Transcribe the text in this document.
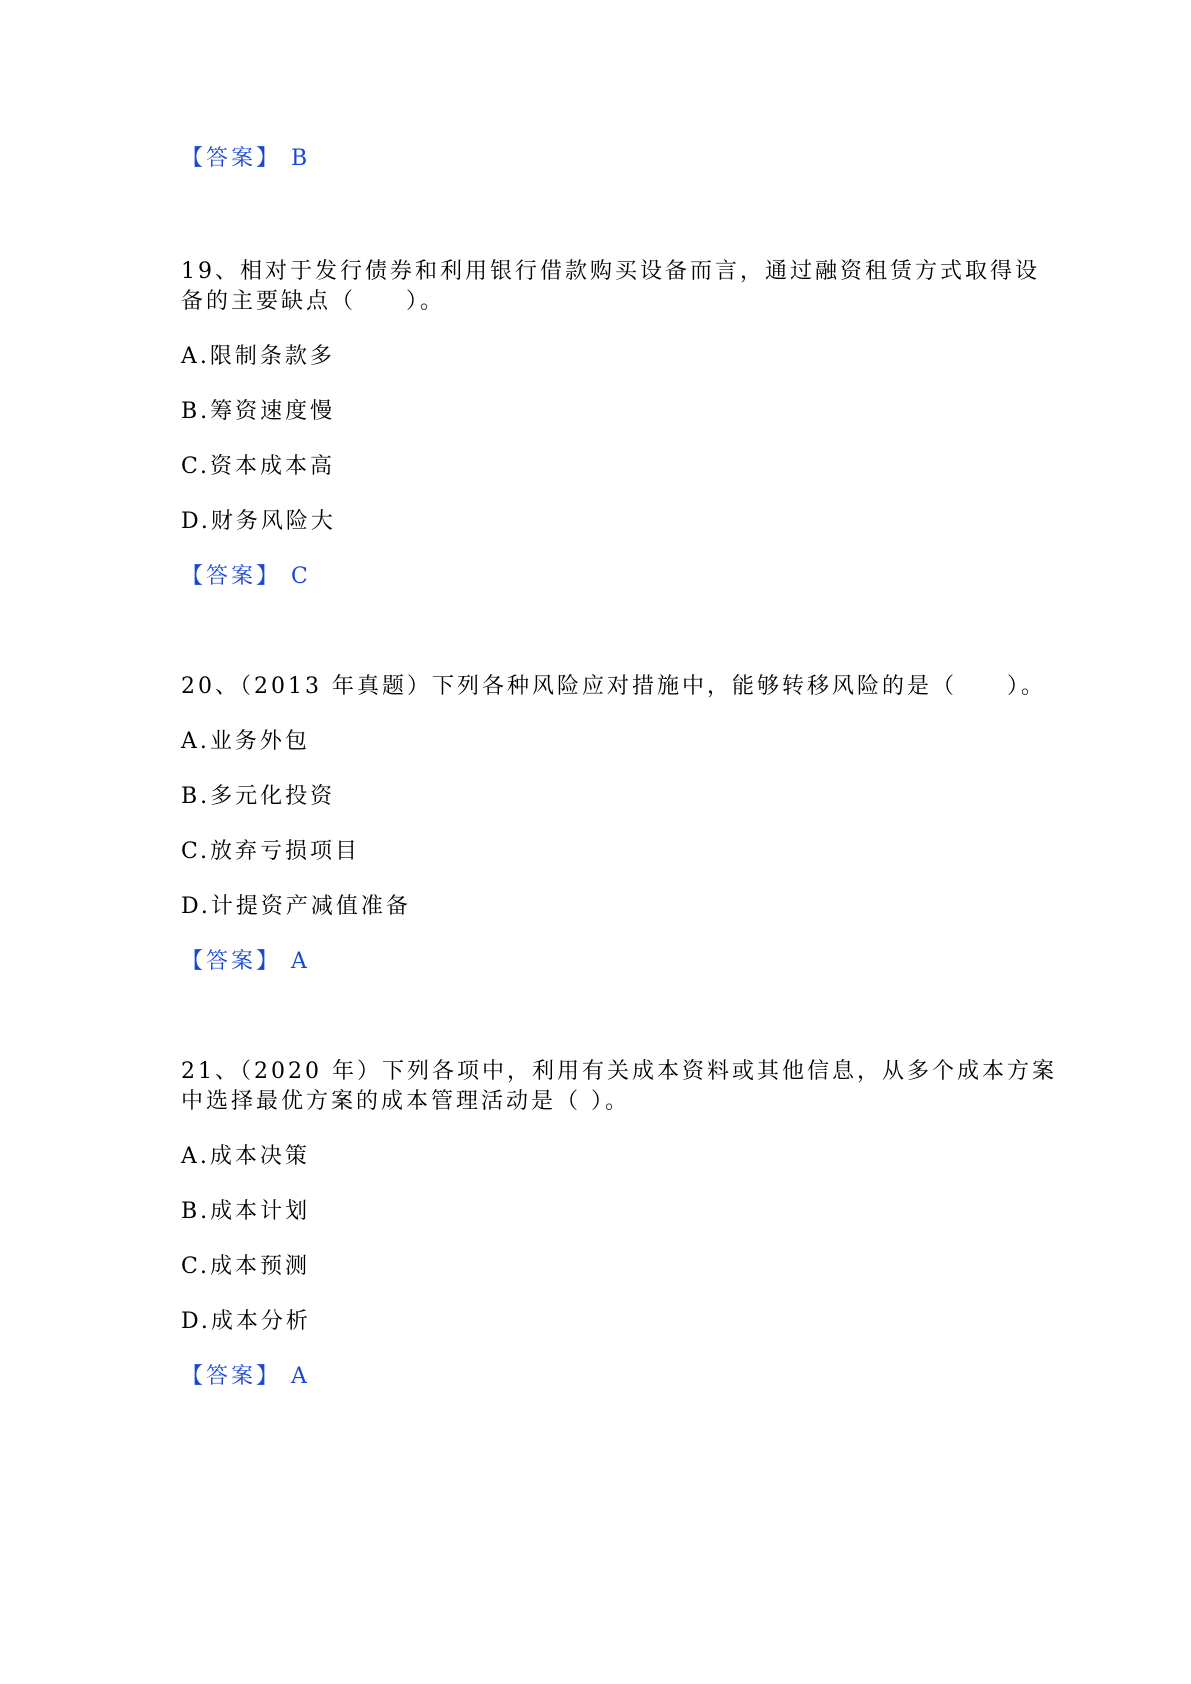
【答案】 B
19、相对于发行债券和利用银行借款购买设备而言，通过融资租赁方式取得设
备的主要缺点（　　）。
A.限制条款多
B.筹资速度慢
C.资本成本高
D.财务风险大
【答案】 C
20、（2013 年真题）下列各种风险应对措施中，能够转移风险的是（　　）。
A.业务外包
B.多元化投资
C.放弃亏损项目
D.计提资产减值准备
【答案】 A
21、（2020 年）下列各项中，利用有关成本资料或其他信息，从多个成本方案
中选择最优方案的成本管理活动是（ ）。
A.成本决策
B.成本计划
C.成本预测
D.成本分析
【答案】 A
